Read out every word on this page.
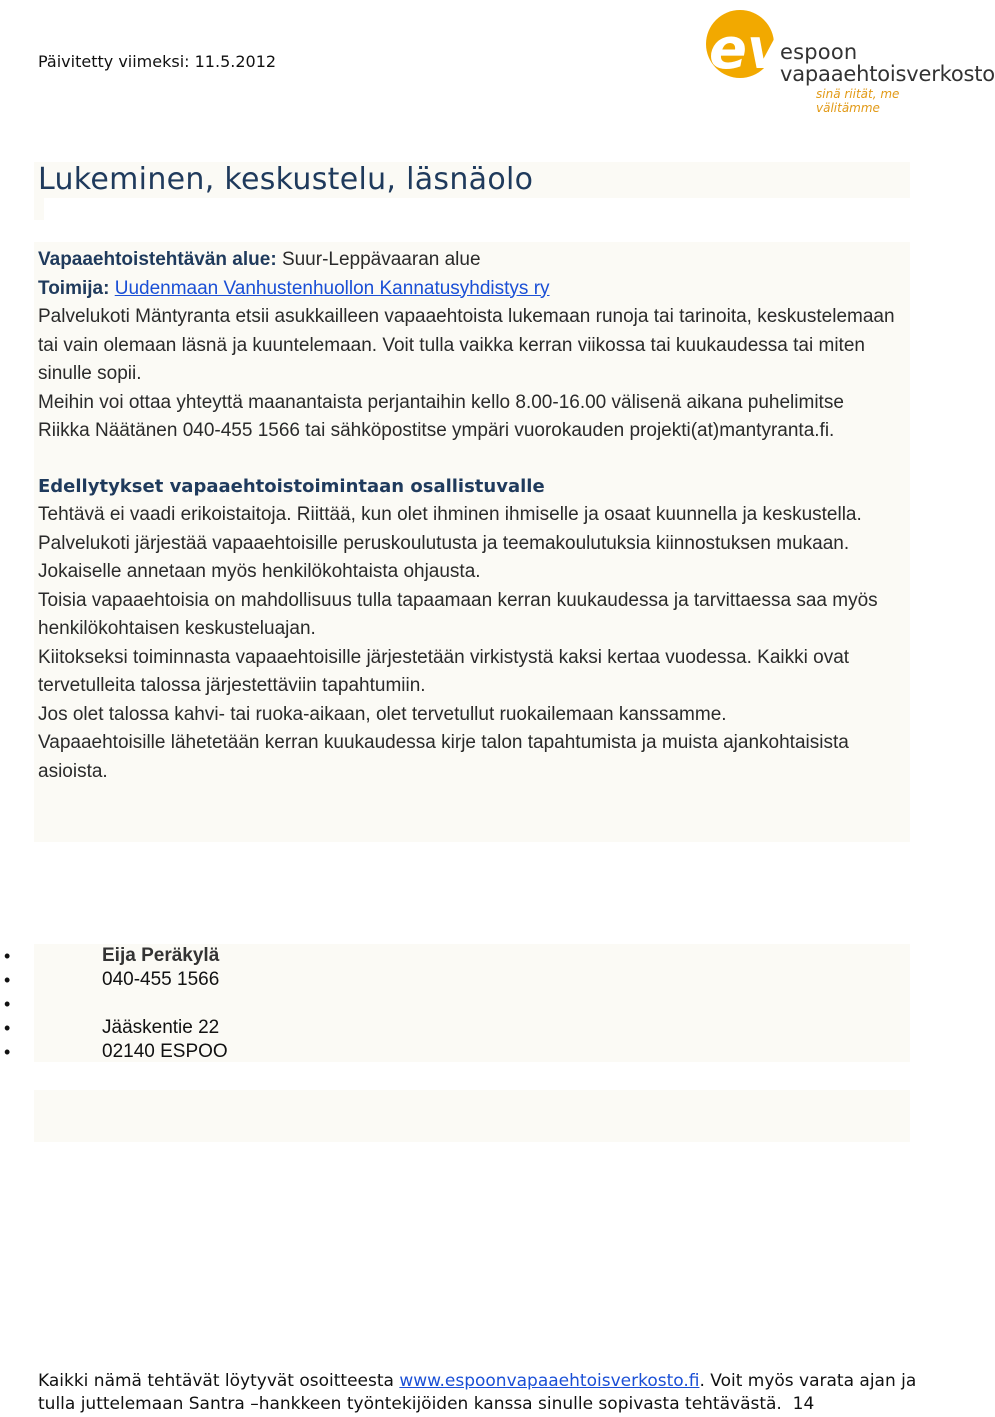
Päivitetty viimeksi: 11.5.2012	ev
espoon
vapaaehtoisverkosto
sinä riität, me välitämme
Lukeminen, keskustelu, läsnäolo

Vapaaehtoistehtävän alue: Suur-Leppävaaran alue

Toimija: Uudenmaan Vanhustenhuollon Kannatusyhdistys ry

Palvelukoti Mäntyranta etsii asukkailleen vapaaehtoista lukemaan runoja tai tarinoita, keskustelemaan tai vain olemaan läsnä ja kuuntelemaan. Voit tulla vaikka kerran viikossa tai kuukaudessa tai miten sinulle sopii.

Meihin voi ottaa yhteyttä maanantaista perjantaihin kello 8.00-16.00 välisenä aikana puhelimitse Riikka Näätänen 040-455 1566 tai sähköpostitse ympäri vuorokauden projekti(at)mantyranta.fi.

Edellytykset vapaaehtoistoimintaan osallistuvalle

Tehtävä ei vaadi erikoistaitoja. Riittää, kun olet ihminen ihmiselle ja osaat kuunnella ja keskustella.

Palvelukoti järjestää vapaaehtoisille peruskoulutusta ja teemakoulutuksia kiinnostuksen mukaan. Jokaiselle annetaan myös henkilökohtaista ohjausta.

Toisia vapaaehtoisia on mahdollisuus tulla tapaamaan kerran kuukaudessa ja tarvittaessa saa myös henkilökohtaisen keskusteluajan.

Kiitokseksi toiminnasta vapaaehtoisille järjestetään virkistystä kaksi kertaa vuodessa. Kaikki ovat tervetulleita talossa järjestettäviin tapahtumiin.

Jos olet talossa kahvi- tai ruoka-aikaan, olet tervetullut ruokailemaan kanssamme.

Vapaaehtoisille lähetetään kerran kuukaudessa kirje talon tapahtumista ja muista ajankohtaisista asioista.

• Eija Peräkylä
• 040-455 1566
•
• Jääskentie 22
• 02140 ESPOO

Kaikki nämä tehtävät löytyvät osoitteesta www.espoonvapaaehtoisverkosto.fi. Voit myös varata ajan ja

tulla juttelemaan Santra –hankkeen työntekijöiden kanssa sinulle sopivasta tehtävästä. 14
